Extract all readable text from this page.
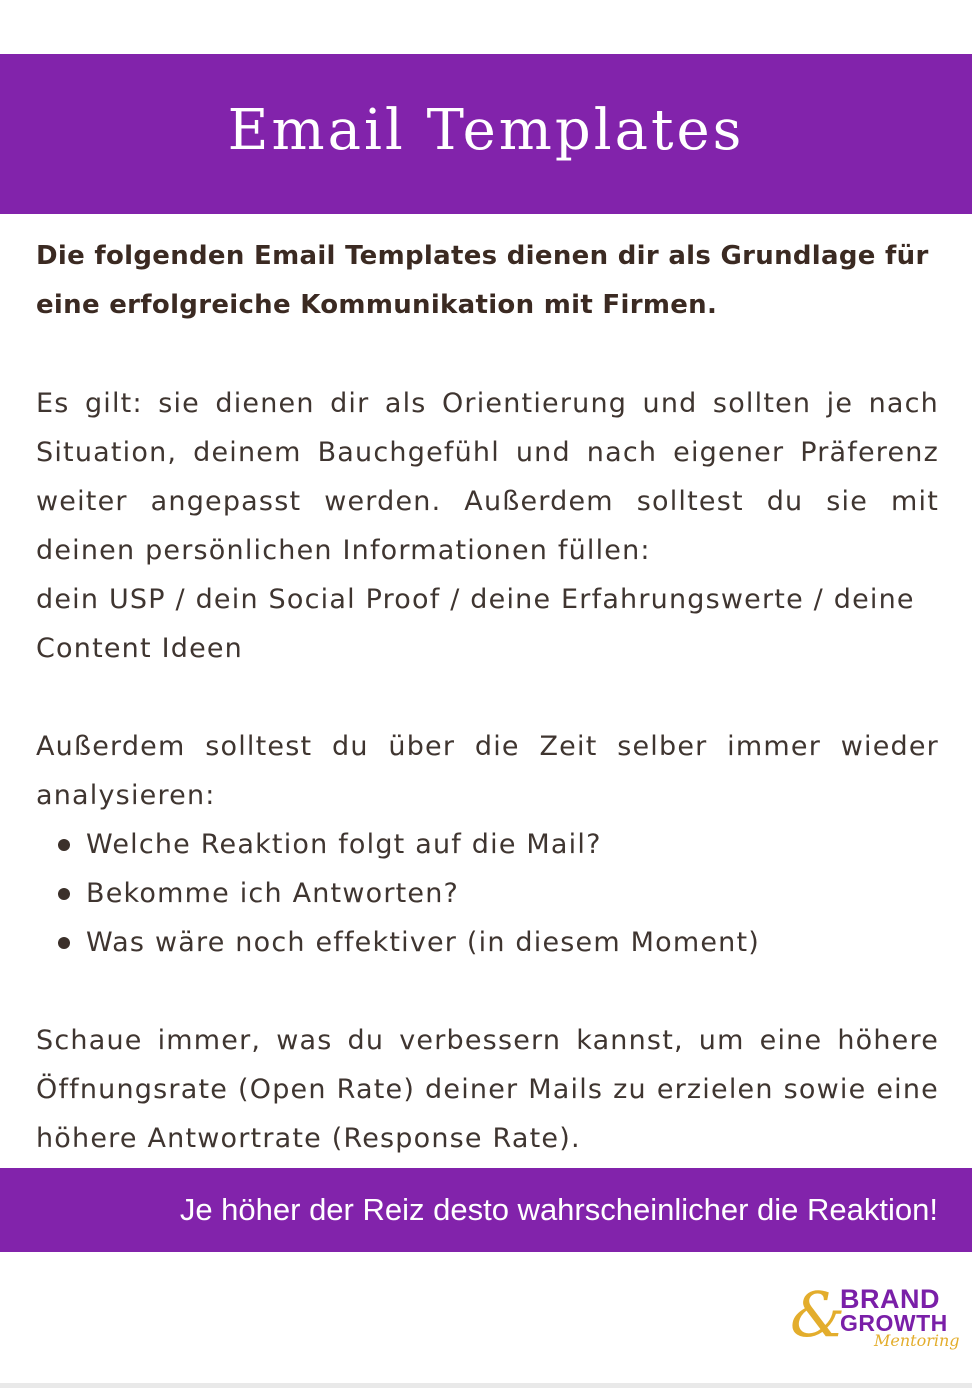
Email Templates

Die folgenden Email Templates dienen dir als Grundlage für eine erfolgreiche Kommunikation mit Firmen.

Es gilt: sie dienen dir als Orientierung und sollten je nach Situation, deinem Bauchgefühl und nach eigener Präferenz weiter angepasst werden. Außerdem solltest du sie mit deinen persönlichen Informationen füllen:

dein USP / dein Social Proof / deine Erfahrungswerte / deine Content Ideen

Außerdem solltest du über die Zeit selber immer wieder analysieren:

Welche Reaktion folgt auf die Mail?
Bekomme ich Antworten?
Was wäre noch effektiver (in diesem Moment)

Schaue immer, was du verbessern kannst, um eine höhere Öffnungsrate (Open Rate) deiner Mails zu erzielen sowie eine höhere Antwortrate (Response Rate).

Je höher der Reiz desto wahrscheinlicher die Reaktion!
&
BRAND
GROWTH
Mentoring
